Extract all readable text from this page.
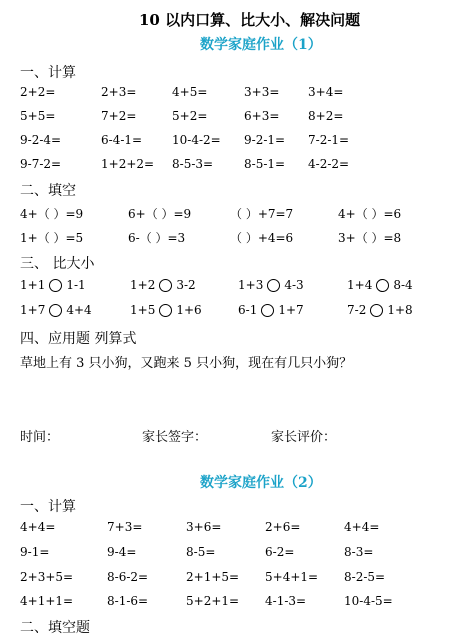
10 以内口算、比大小、解决问题
数学家庭作业（1）
一、计算
2+2=	2+3=	4+5=	3+3= 3+4=
5+5=	7+2=	5+2=	6+3= 8+2=
9-2-4=	6-4-1= 10-4-2= 9-2-1= 7-2-1=
9-7-2=	1+2+2= 8-5-3=	8-5-1= 4-2-2=
二、填空
4+（ ）=9	6+（ ）=9	（ ）+7=7	4+（ ）=6
1+（ ）=5	6-（ ）=3	（ ）+4=6	3+（ ）=8
三、 比大小
1+1 1-1	1+2 3-2	1+3 4-3	1+4 8-4
1+7 4+4	1+5 1+6	6-1 1+7	7-2 1+8
四、应用题 列算式
草地上有 3 只小狗，又跑来 5 只小狗，现在有几只小狗？
时间：	家长签字：	家长评价：
数学家庭作业（2）
一、计算
4+4=	7+3=	3+6=	2+6=	4+4=
9-1=	9-4=	8-5=	6-2=	8-3=
2+3+5=	8-6-2=	2+1+5= 5+4+1= 8-2-5=
4+1+1=	8-1-6=	5+2+1= 4-1-3=	10-4-5=
二、填空题
